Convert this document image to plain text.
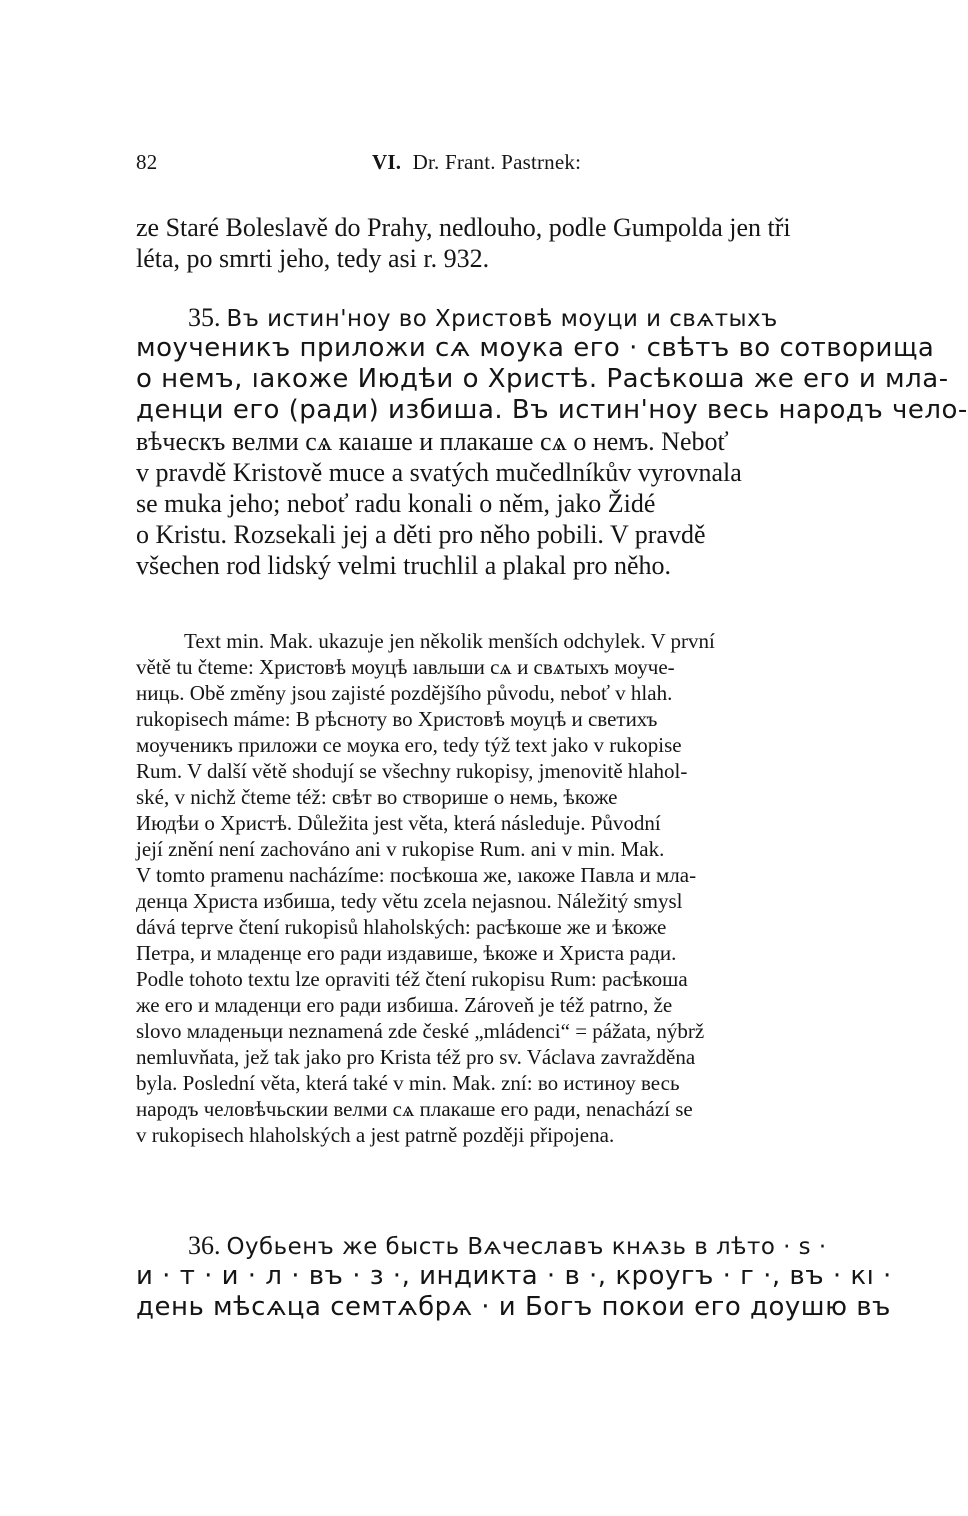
82	VI. Dr. Frant. Pastrnek:
ze Staré Boleslavě do Prahy, nedlouho, podle Gumpolda jen tři
léta, po smrti jeho, tedy asi r. 932.
35. Въ истин'ноу во Христовѣ моуци и свѧтыхъ
моученикъ приложи сѧ моука его · свѣтъ во сотворища
о немъ, ıакоже Июдѣи о Христѣ. Расѣкоша же его и мла-
денци его (ради) избиша. Въ истин'ноу весь народъ чело-
вѣческъ велми сѧ каıаше и плакаше сѧ о немъ. Neboť
v pravdě Kristově muce a svatých mučedlníkův vyrovnala
se muka jeho; neboť radu konali o něm, jako Židé
o Kristu. Rozsekali jej a děti pro něho pobili. V pravdě
všechen rod lidský velmi truchlil a plakal pro něho.
Text min. Mak. ukazuje jen několik menších odchylek. V první
větě tu čteme: Христовѣ моуцѣ ıавльши сѧ и свѧтыхъ моуче-
ниць. Obě změny jsou zajisté pozdějšího původu, neboť v hlah.
rukopisech máme: В рѣсноту во Христовѣ моуцѣ и светихъ
моученикъ приложи се моука его, tedy týž text jako v rukopise
Rum. V další větě shodují se všechny rukopisy, jmenovitě hlahol-
ské, v nichž čteme též: свѣт во створише о немь, ѣкоже
Июдѣи о Христѣ. Důležita jest věta, která následuje. Původní
její znění není zachováno ani v rukopise Rum. ani v min. Mak.
V tomto pramenu nacházíme: посѣкоша же, ıакоже Павла и мла-
денца Христа избиша, tedy větu zcela nejasnou. Náležitý smysl
dává teprve čtení rukopisů hlaholských: расѣкоше же и ѣкоже
Петра, и младенце его ради издавише, ѣкоже и Христа ради.
Podle tohoto textu lze opraviti též čtení rukopisu Rum: расѣкоша
же его и младенци его ради избиша. Zároveň je též patrno, že
slovo младеньци neznamená zde české „mládenci“ = pážata, nýbrž
nemluvňata, jež tak jako pro Krista též pro sv. Václava zavražděna
byla. Poslední věta, která také v min. Mak. zní: во истиноу весь
народъ человѣчьскии велми сѧ плакаше его ради, nenachází se
v rukopisech hlaholských a jest patrně později připojena.
36. Оубьенъ же бысть Вѧчеславъ кнѧзь в лѣто · ѕ ·
и · т · и · л · въ · з ·, индикта · в ·, кроугъ · г ·, въ · кı ·
день мѣсѧца семтѧбрѧ · и Богъ покои его доушю въ
